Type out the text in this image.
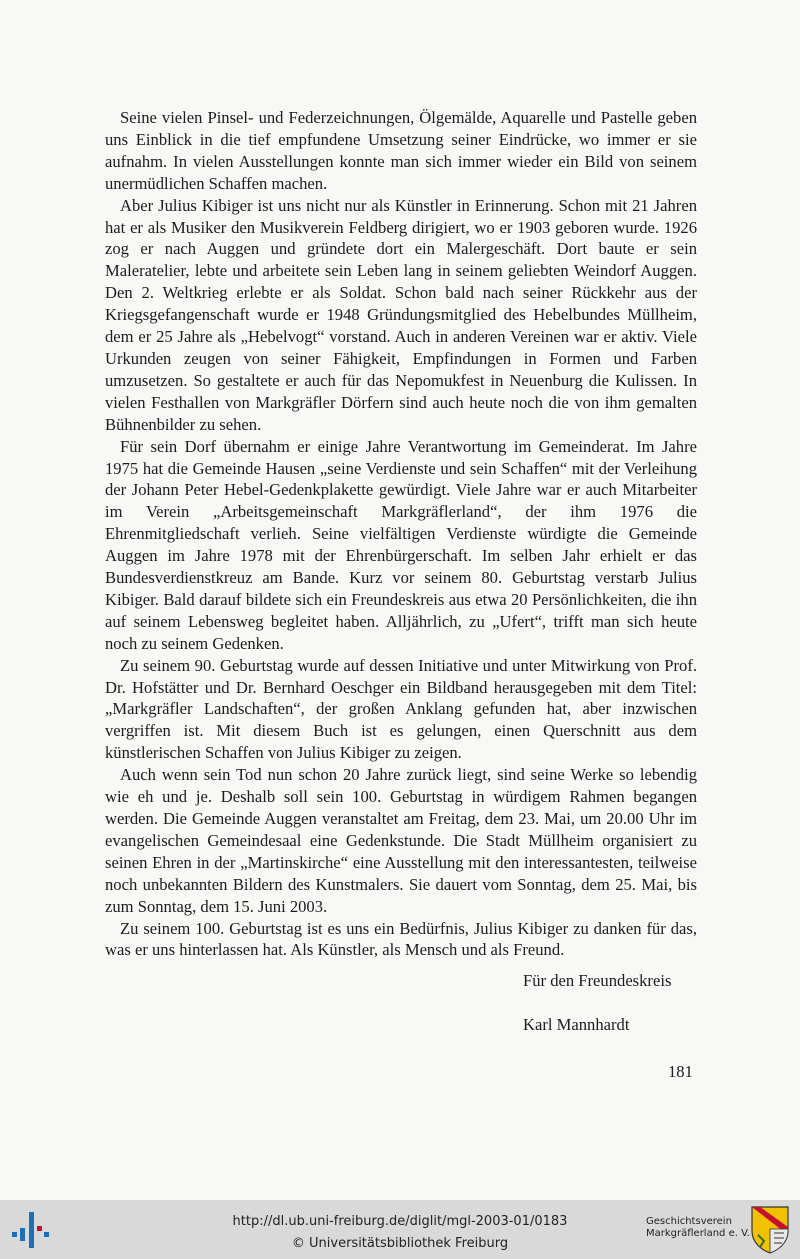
Seine vielen Pinsel- und Federzeichnungen, Ölgemälde, Aquarelle und Pastelle geben uns Einblick in die tief empfundene Umsetzung seiner Eindrücke, wo immer er sie aufnahm. In vielen Ausstellungen konnte man sich immer wieder ein Bild von seinem unermüdlichen Schaffen machen.

Aber Julius Kibiger ist uns nicht nur als Künstler in Erinnerung. Schon mit 21 Jahren hat er als Musiker den Musikverein Feldberg dirigiert, wo er 1903 geboren wurde. 1926 zog er nach Auggen und gründete dort ein Malergeschäft. Dort baute er sein Maleratelier, lebte und arbeitete sein Leben lang in seinem geliebten Weindorf Auggen. Den 2. Weltkrieg erlebte er als Soldat. Schon bald nach seiner Rückkehr aus der Kriegsgefangenschaft wurde er 1948 Gründungsmitglied des Hebelbundes Müllheim, dem er 25 Jahre als „Hebelvogt“ vorstand. Auch in anderen Vereinen war er aktiv. Viele Urkunden zeugen von seiner Fähigkeit, Empfindungen in Formen und Farben umzusetzen. So gestaltete er auch für das Nepomukfest in Neuenburg die Kulissen. In vielen Festhallen von Markgräfler Dörfern sind auch heute noch die von ihm gemalten Bühnenbilder zu sehen.

Für sein Dorf übernahm er einige Jahre Verantwortung im Gemeinderat. Im Jahre 1975 hat die Gemeinde Hausen „seine Verdienste und sein Schaffen“ mit der Verleihung der Johann Peter Hebel-Gedenkplakette gewürdigt. Viele Jahre war er auch Mitarbeiter im Verein „Arbeitsgemeinschaft Markgräflerland“, der ihm 1976 die Ehrenmitgliedschaft verlieh. Seine vielfältigen Verdienste würdigte die Gemeinde Auggen im Jahre 1978 mit der Ehrenbürgerschaft. Im selben Jahr erhielt er das Bundesverdienstkreuz am Bande. Kurz vor seinem 80. Geburtstag verstarb Julius Kibiger. Bald darauf bildete sich ein Freundeskreis aus etwa 20 Persönlichkeiten, die ihn auf seinem Lebensweg begleitet haben. Alljährlich, zu „Ufert“, trifft man sich heute noch zu seinem Gedenken.

Zu seinem 90. Geburtstag wurde auf dessen Initiative und unter Mitwirkung von Prof. Dr. Hofstätter und Dr. Bernhard Oeschger ein Bildband herausgegeben mit dem Titel: „Markgräfler Landschaften“, der großen Anklang gefunden hat, aber inzwischen vergriffen ist. Mit diesem Buch ist es gelungen, einen Querschnitt aus dem künstlerischen Schaffen von Julius Kibiger zu zeigen.

Auch wenn sein Tod nun schon 20 Jahre zurück liegt, sind seine Werke so lebendig wie eh und je. Deshalb soll sein 100. Geburtstag in würdigem Rahmen begangen werden. Die Gemeinde Auggen veranstaltet am Freitag, dem 23. Mai, um 20.00 Uhr im evangelischen Gemeindesaal eine Gedenkstunde. Die Stadt Müllheim organisiert zu seinen Ehren in der „Martinskirche“ eine Ausstellung mit den interessantesten, teilweise noch unbekannten Bildern des Kunstmalers. Sie dauert vom Sonntag, dem 25. Mai, bis zum Sonntag, dem 15. Juni 2003.

Zu seinem 100. Geburtstag ist es uns ein Bedürfnis, Julius Kibiger zu danken für das, was er uns hinterlassen hat. Als Künstler, als Mensch und als Freund.

Für den Freundeskreis
Karl Mannhardt
181
http://dl.ub.uni-freiburg.de/diglit/mgl-2003-01/0183
© Universitätsbibliothek Freiburg
Geschichtsverein
Markgräflerland e. V.
